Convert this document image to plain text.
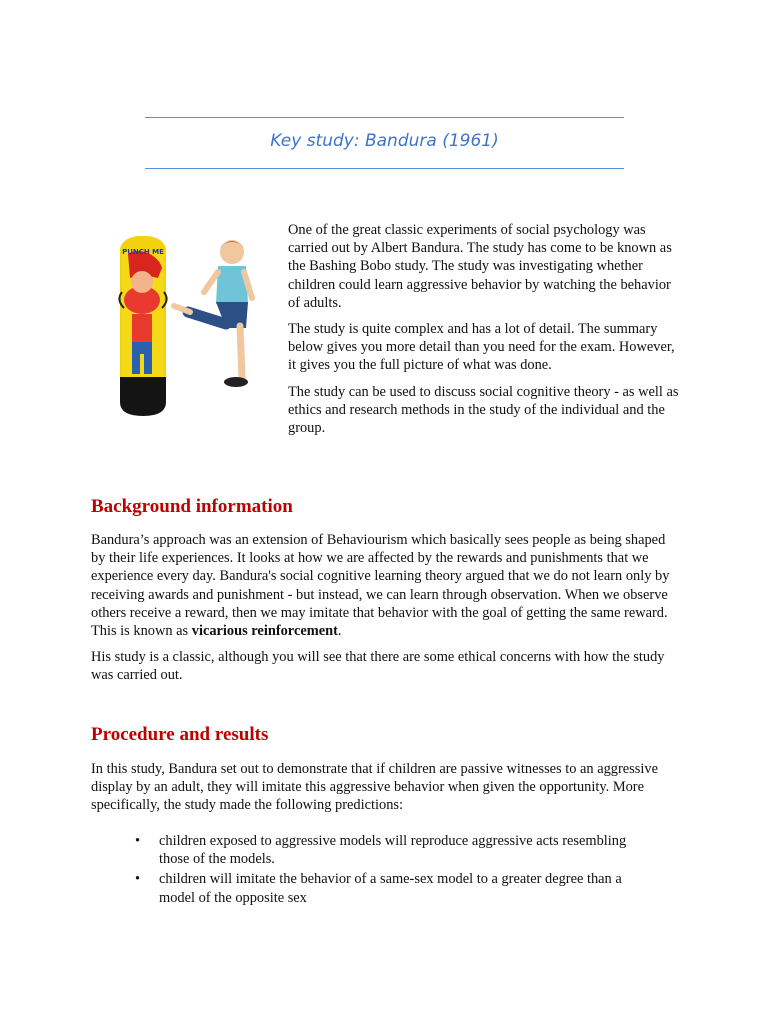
Key study: Bandura (1961)
PUNCH ME

One of the great classic experiments of social psychology was carried out by Albert Bandura. The study has come to be known as the Bashing Bobo study. The study was investigating whether children could learn aggressive behavior by watching the behavior of adults.

The study is quite complex and has a lot of detail. The summary below gives you more detail than you need for the exam. However, it gives you the full picture of what was done.

The study can be used to discuss social cognitive theory - as well as ethics and research methods in the study of the individual and the group.

Background information

Bandura’s approach was an extension of Behaviourism which basically sees people as being shaped by their life experiences. It looks at how we are affected by the rewards and punishments that we experience every day. Bandura's social cognitive learning theory argued that we do not learn only by receiving awards and punishment - but instead, we can learn through observation. When we observe others receive a reward, then we may imitate that behavior with the goal of getting the same reward. This is known as vicarious reinforcement.

His study is a classic, although you will see that there are some ethical concerns with how the study was carried out.

Procedure and results

In this study, Bandura set out to demonstrate that if children are passive witnesses to an aggressive display by an adult, they will imitate this aggressive behavior when given the opportunity. More specifically, the study made the following predictions:

• children exposed to aggressive models will reproduce aggressive acts resembling those of the models.
• children will imitate the behavior of a same-sex model to a greater degree than a model of the opposite sex
